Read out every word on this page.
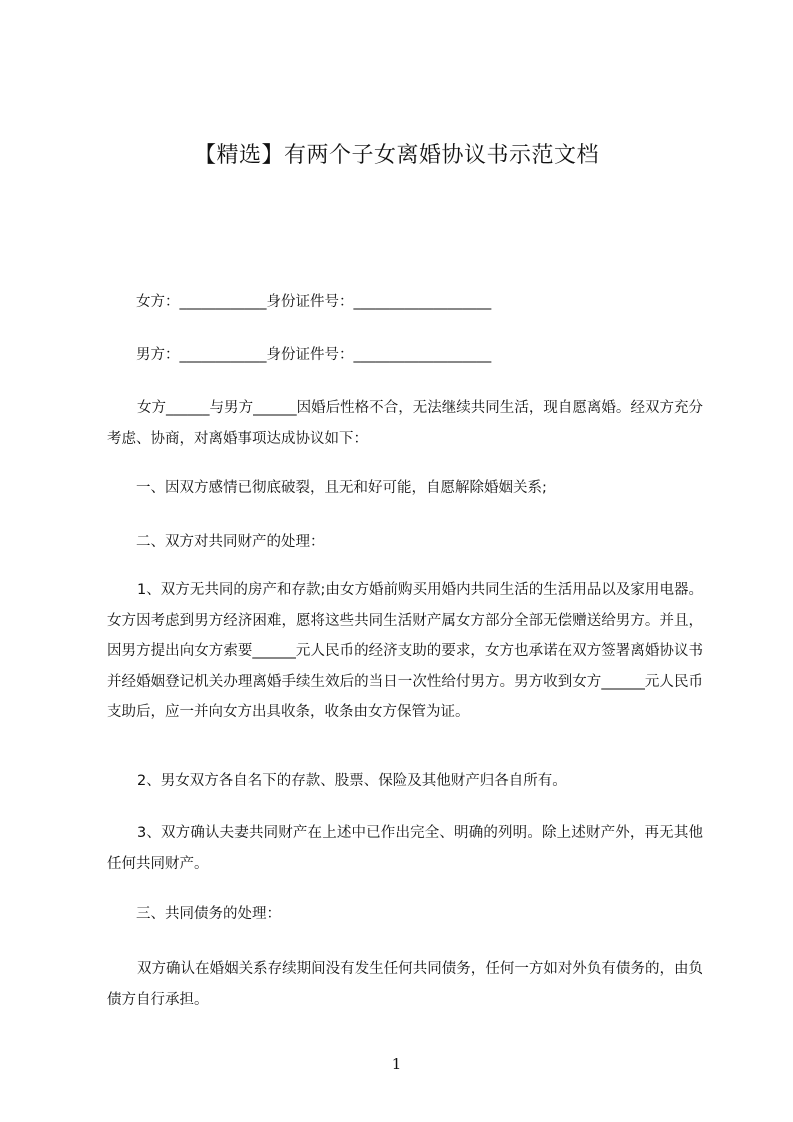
【精选】有两个子女离婚协议书示范文档
女方：____________身份证件号：___________________
男方：____________身份证件号：___________________

女方______与男方______因婚后性格不合，无法继续共同生活，现自愿离婚。经双方充分考虑、协商，对离婚事项达成协议如下：

一、因双方感情已彻底破裂，且无和好可能，自愿解除婚姻关系;

二、双方对共同财产的处理：

1、双方无共同的房产和存款;由女方婚前购买用婚内共同生活的生活用品以及家用电器。女方因考虑到男方经济困难，愿将这些共同生活财产属女方部分全部无偿赠送给男方。并且，因男方提出向女方索要______元人民币的经济支助的要求，女方也承诺在双方签署离婚协议书并经婚姻登记机关办理离婚手续生效后的当日一次性给付男方。男方收到女方______元人民币支助后，应一并向女方出具收条，收条由女方保管为证。

2、男女双方各自名下的存款、股票、保险及其他财产归各自所有。

3、双方确认夫妻共同财产在上述中已作出完全、明确的列明。除上述财产外，再无其他任何共同财产。

三、共同债务的处理：

双方确认在婚姻关系存续期间没有发生任何共同债务，任何一方如对外负有债务的，由负债方自行承担。

1
